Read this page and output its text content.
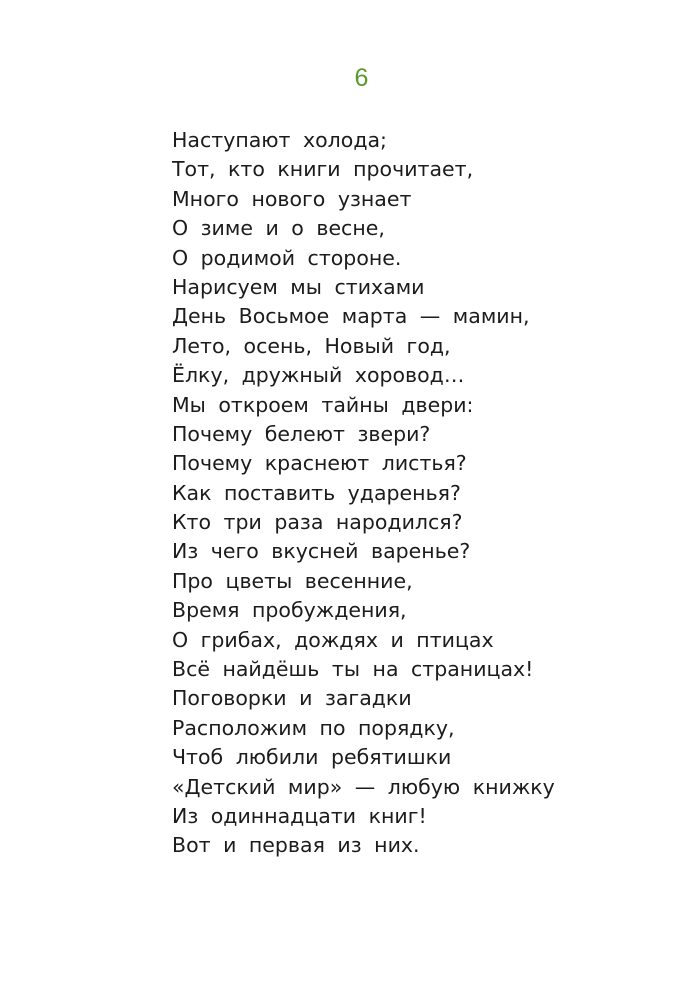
6
Наступают холода;
Тот, кто книги прочитает,
Много нового узнает
О зиме и о весне,
О родимой стороне.
Нарисуем мы стихами
День Восьмое марта — мамин,
Лето, осень, Новый год,
Ёлку, дружный хоровод…
Мы откроем тайны двери:
Почему белеют звери?
Почему краснеют листья?
Как поставить ударенья?
Кто три раза народился?
Из чего вкусней варенье?
Про цветы весенние,
Время пробуждения,
О грибах, дождях и птицах
Всё найдёшь ты на страницах!
Поговорки и загадки
Расположим по порядку,
Чтоб любили ребятишки
«Детский мир» — любую книжку
Из одиннадцати книг!
Вот и первая из них.
